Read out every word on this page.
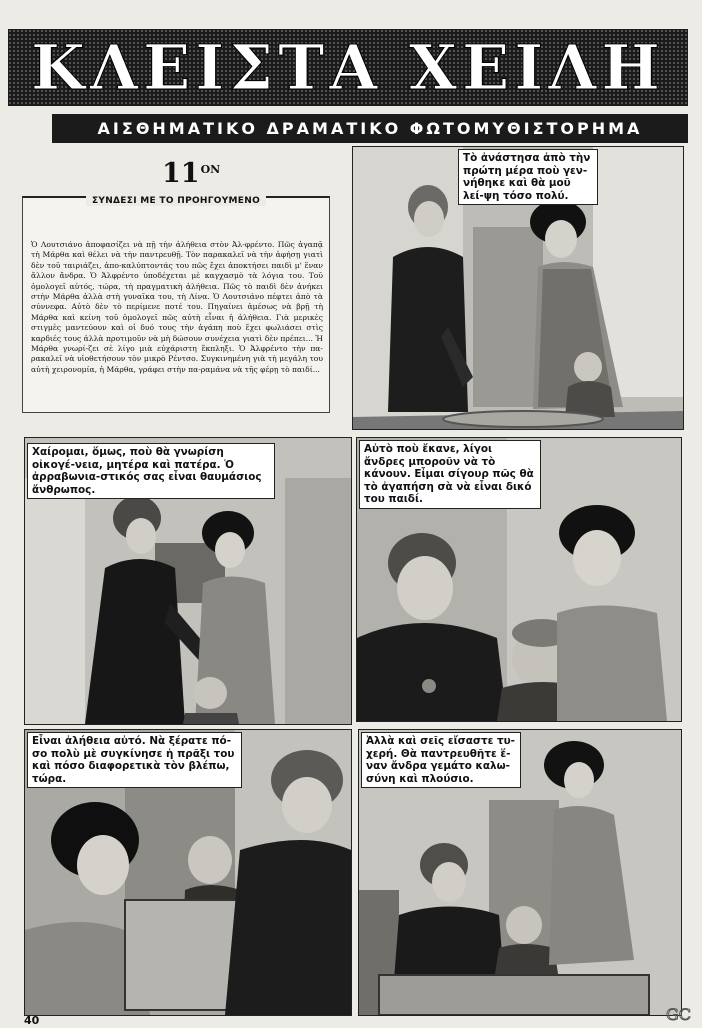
ΚΛΕΙΣΤΑ ΧΕΙΛΗ
ΑΙΣΘΗΜΑΤΙΚΟ ΔΡΑΜΑΤΙΚΟ ΦΩΤΟΜΥΘΙΣΤΟΡΗΜΑ
$11^{ON}$
ΣΥΝΔΕΣΙ ΜΕ ΤΟ ΠΡΟΗΓΟΥΜΕΝΟ
Ὁ Λουτσιάνο ἀποφασίζει νὰ πῇ τὴν ἀλήθεια στὸν Ἀλ-φρέντο. Πῶς ἀγαπᾷ τὴ Μάρθα καὶ θέλει νὰ τὴν παντρευθῇ. Τὸν παρακαλεῖ νὰ τὴν ἀφήσῃ γιατὶ δὲν τοῦ ταιριάζει, ἀπο-καλύπτοντάς του πῶς ἔχει ἀποκτήσει παιδὶ μ' ἕναν ἄλλον ἄνδρα. Ὁ Ἀλφρέντο ὑποδέχεται μὲ καγχασμὸ τὰ λόγια του. Τοῦ ὁμολογεῖ αὐτός, τώρα, τὴ πραγματικὴ ἀλήθεια. Πῶς τὸ παιδὶ δὲν ἀνήκει στὴν Μάρθα ἀλλὰ στὴ γυναῖκα του, τὴ Λίνα. Ὁ Λουτσιάνο πέφτει ἀπὸ τὰ σύννεφα. Αὐτὸ δὲν τὸ περίμενε ποτέ του. Πηγαίνει ἀμέσως νὰ βρῇ τὴ Μάρθα καὶ κείνη τοῦ ὁμολογεῖ πῶς αὐτὴ εἶναι ἡ ἀλήθεια. Γιὰ μερικὲς στιγμὲς μαντεύουν καὶ οἱ δυό τους τὴν ἀγάπη ποὺ ἔχει φωλιάσει στὶς καρδιές τους ἀλλὰ προτιμοῦν νὰ μὴ δώσουν συνέχεια γιατὶ δὲν πρέπει... Ἡ Μάρθα γνωρί-ζει σὲ λίγο μιὰ εὐχάριστη ἔκπληξι. Ὁ Ἀλφρέντο τὴν πα-ρακαλεῖ νὰ υἱοθετήσουν τὸν μικρὸ Ρέντσο. Συγκινημένη γιὰ τὴ μεγάλη του αὐτὴ χειρονομία, ἡ Μάρθα, γράφει στὴν πα-ραμάνα νὰ τῆς φέρῃ τὸ παιδί...
Τὸ ἀνάστησα ἀπὸ τὴν πρώτη μέρα ποὺ γεν-νήθηκε καὶ θὰ μοῦ λεί-ψη τόσο πολύ.
Χαίρομαι, ὅμως, ποὺ θὰ γνωρίση οἰκογέ-νεια, μητέρα καὶ πατέρα. Ὁ ἀρραβωνια-στικός σας εἶναι θαυμάσιος ἄνθρωπος.
Αὐτὸ ποὺ ἔκανε, λίγοι ἄνδρες μποροῦν νὰ τὸ κάνουν. Εἶμαι σίγουρ πῶς θὰ τὸ ἀγαπήση σὰ νὰ εἶναι δικό του παιδί.
Εἶναι ἀλήθεια αὐτό. Νὰ ξέρατε πό-σο πολὺ μὲ συγκίνησε ἡ πρᾶξι του καὶ πόσο διαφορετικὰ τὸν βλέπω, τώρα.
Ἀλλὰ καὶ σεῖς εἴσαστε τυ-χερή. Θὰ παντρευθῆτε ἕ-ναν ἄνδρα γεμάτο καλω-σύνη καὶ πλούσιο.
40	GC
